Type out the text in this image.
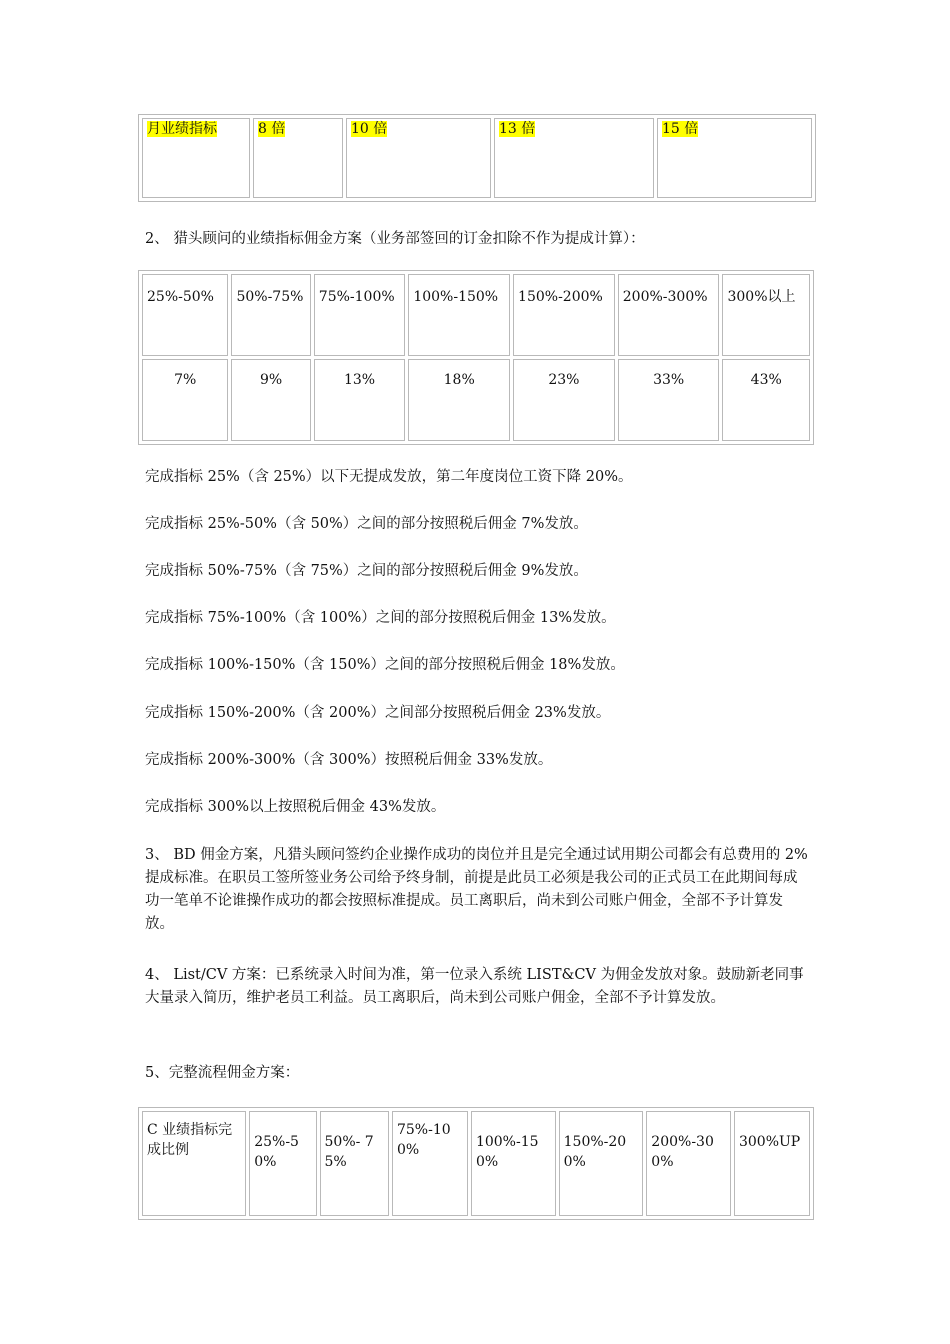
月业绩指标	8 倍	10 倍	13 倍	15 倍

2、 猎头顾问的业绩指标佣金方案（业务部签回的订金扣除不作为提成计算）：

25%-50%	50%-75%	75%-100%	100%-150%	150%-200%	200%-300%	300%以上
7%	9%	13%	18%	23%	33%	43%

完成指标 25%（含 25%）以下无提成发放，第二年度岗位工资下降 20%。

完成指标 25%-50%（含 50%）之间的部分按照税后佣金 7%发放。

完成指标 50%-75%（含 75%）之间的部分按照税后佣金 9%发放。

完成指标 75%-100%（含 100%）之间的部分按照税后佣金 13%发放。

完成指标 100%-150%（含 150%）之间的部分按照税后佣金 18%发放。

完成指标 150%-200%（含 200%）之间部分按照税后佣金 23%发放。

完成指标 200%-300%（含 300%）按照税后佣金 33%发放。

完成指标 300%以上按照税后佣金 43%发放。

3、 BD 佣金方案，凡猎头顾问签约企业操作成功的岗位并且是完全通过试用期公司都会有总费用的 2%提成标准。在职员工签所签业务公司给予终身制，前提是此员工必须是我公司的正式员工在此期间每成功一笔单不论谁操作成功的都会按照标准提成。员工离职后，尚未到公司账户佣金，全部不予计算发放。

4、 List/CV 方案：已系统录入时间为准，第一位录入系统 LIST&CV 为佣金发放对象。鼓励新老同事大量录入简历，维护老员工利益。员工离职后，尚未到公司账户佣金，全部不予计算发放。

5、完整流程佣金方案：

C 业绩指标完成比例	25%-50%	50%- 75%	75%-100%	100%-150%	150%-200%	200%-300%	300%UP
